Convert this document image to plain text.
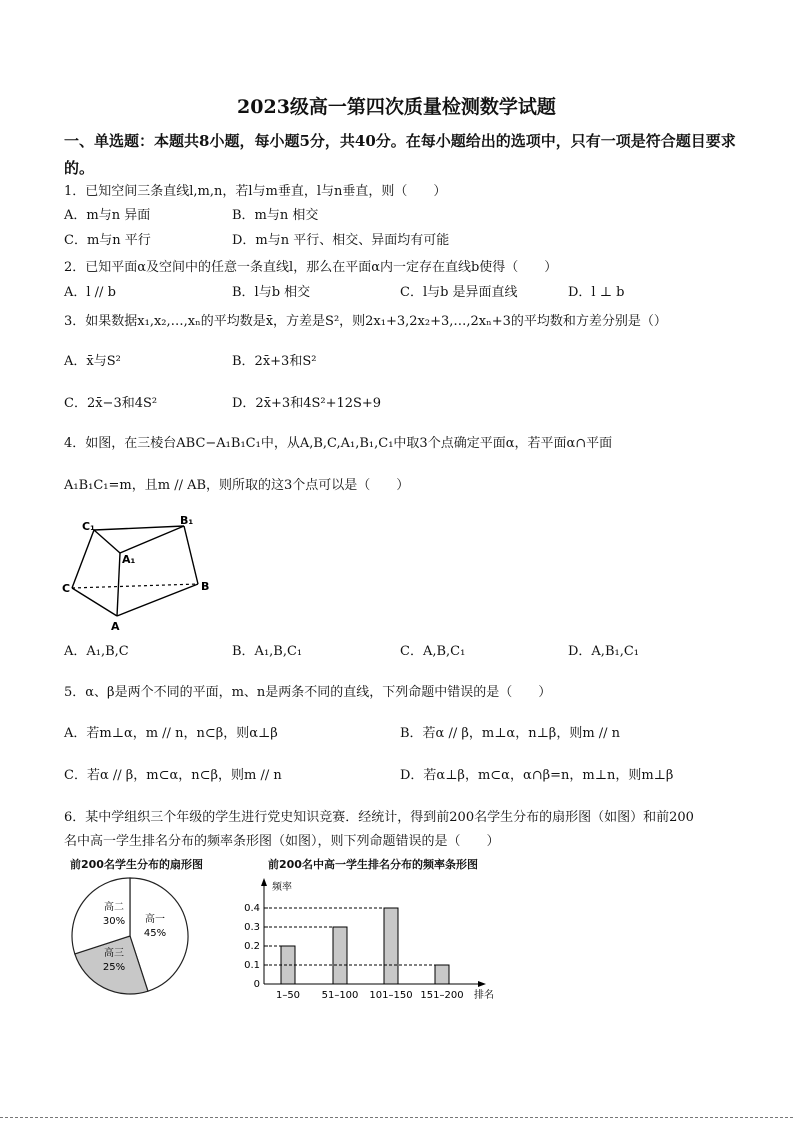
2023级高一第四次质量检测数学试题
一、单选题：本题共8小题，每小题5分，共40分。在每小题给出的选项中，只有一项是符合题目要求的。
1．已知空间三条直线l,m,n，若l与m垂直，l与n垂直，则（　　）
A．m与n 异面	B．m与n 相交
C．m与n 平行	D．m与n 平行、相交、异面均有可能
2．已知平面α及空间中的任意一条直线l，那么在平面α内一定存在直线b使得（　　）
A．l // b	B．l与b 相交	C．l与b 是异面直线	D．l ⊥ b
3．如果数据x₁,x₂,…,xₙ的平均数是x̄，方差是S²，则2x₁+3,2x₂+3,…,2xₙ+3的平均数和方差分别是（）
A．x̄与S²	B．2x̄+3和S²
C．2x̄−3和4S²	D．2x̄+3和4S²+12S+9
4．如图，在三棱台ABC−A₁B₁C₁中，从A,B,C,A₁,B₁,C₁中取3个点确定平面α，若平面α∩平面
A₁B₁C₁=m，且m // AB，则所取的这3个点可以是（　　）
C₁	B₁
A₁
C	B
A
A．A₁,B,C	B．A₁,B,C₁	C．A,B,C₁	D．A,B₁,C₁
5．α、β是两个不同的平面，m、n是两条不同的直线，下列命题中错误的是（　　）
A．若m⊥α，m // n，n⊂β，则α⊥β	B．若α // β，m⊥α，n⊥β，则m // n
C．若α // β，m⊂α，n⊂β，则m // n	D．若α⊥β，m⊂α，α∩β=n，m⊥n，则m⊥β
6．某中学组织三个年级的学生进行党史知识竞赛．经统计，得到前200名学生分布的扇形图（如图）和前200
名中高一学生排名分布的频率条形图（如图），则下列命题错误的是（　　）
前200名学生分布的扇形图
高一
45%
高二
30%
高三
25%
前200名中高一学生排名分布的频率条形图
0
0.1
0.2
0.3
0.4
1–50 51–100 101–150 151–200
频率
排名
